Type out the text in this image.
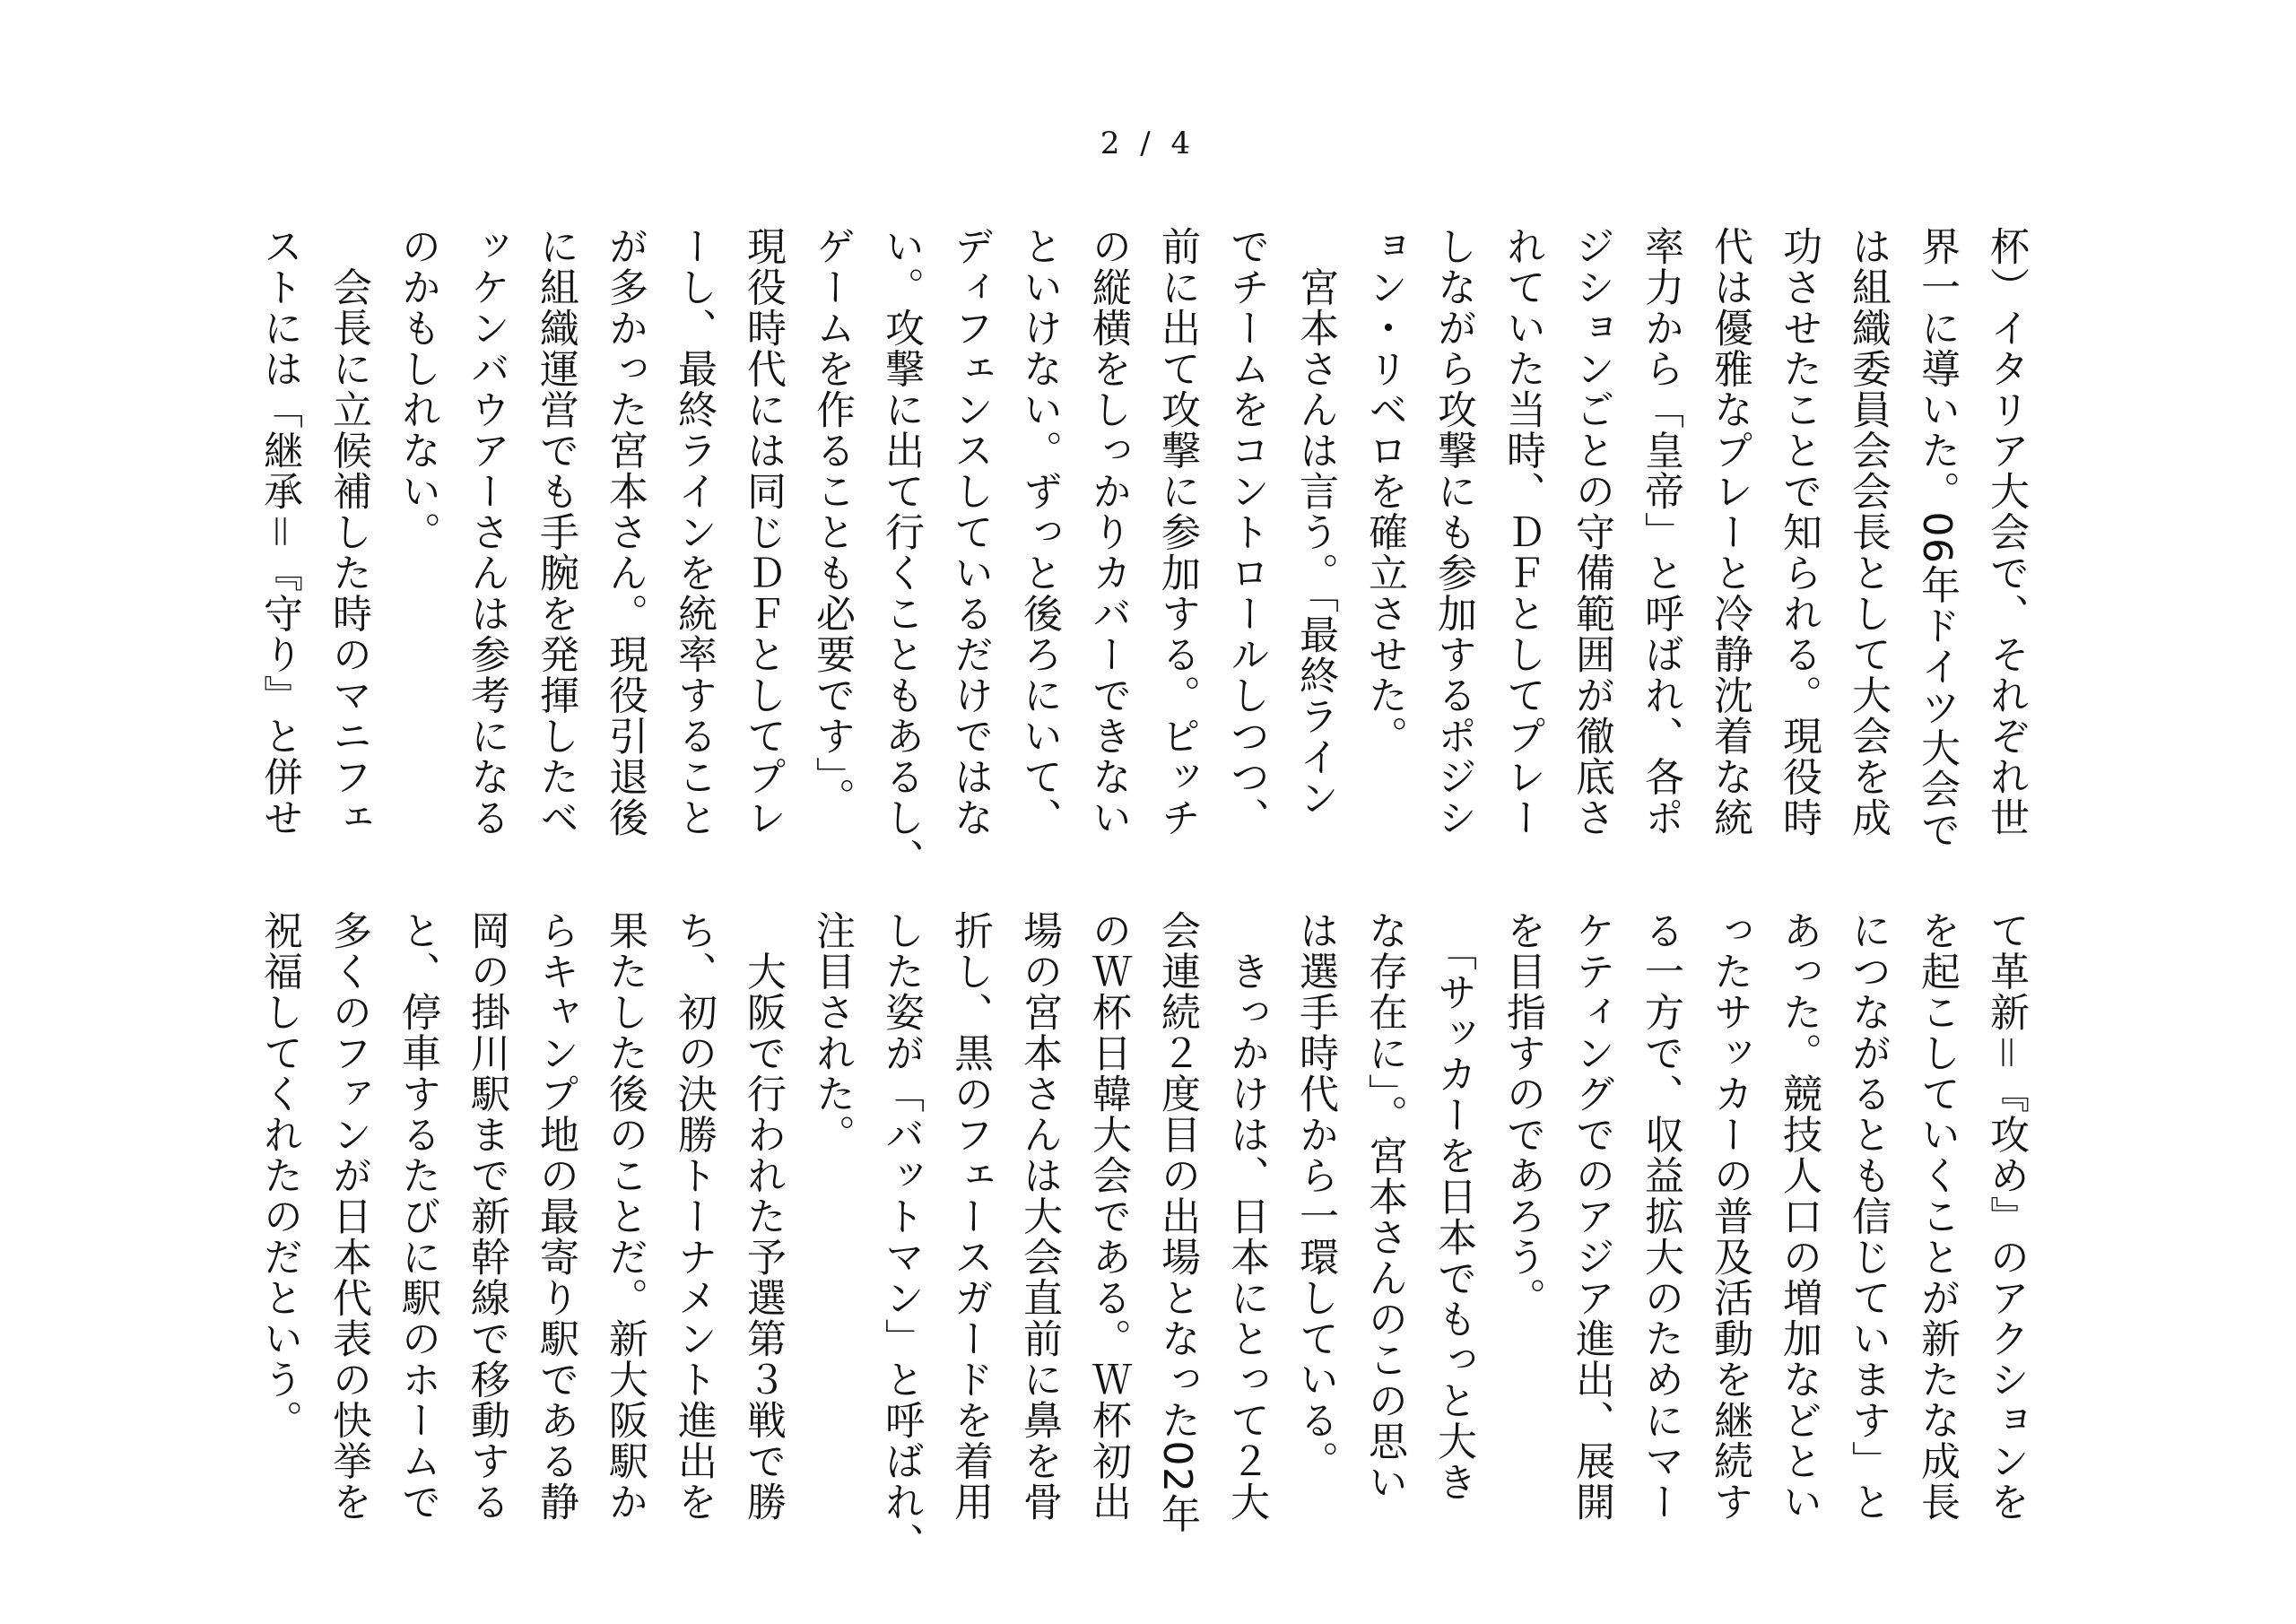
2 / 4
杯）イタリア大会で、それぞれ世
界一に導いた。06年ドイツ大会で
は組織委員会会長として大会を成
功させたことで知られる。現役時
代は優雅なプレーと冷静沈着な統
率力から「皇帝」と呼ばれ、各ポ
ジションごとの守備範囲が徹底さ
れていた当時、ＤＦとしてプレー
しながら攻撃にも参加するポジシ
ョン・リベロを確立させた。
　宮本さんは言う。「最終ライン
でチームをコントロールしつつ、
前に出て攻撃に参加する。ピッチ
の縦横をしっかりカバーできない
といけない。ずっと後ろにいて、
ディフェンスしているだけではな
い。攻撃に出て行くこともあるし、
ゲームを作ることも必要です」。
現役時代には同じＤＦとしてプレ
ーし、最終ラインを統率すること
が多かった宮本さん。現役引退後
に組織運営でも手腕を発揮したベ
ッケンバウアーさんは参考になる
のかもしれない。
　会長に立候補した時のマニフェ
ストには「継承＝『守り』と併せ
て革新＝『攻め』のアクションを
を起こしていくことが新たな成長
につながるとも信じています」と
あった。競技人口の増加などとい
ったサッカーの普及活動を継続す
る一方で、収益拡大のためにマー
ケティングでのアジア進出、展開
を目指すのであろう。
　「サッカーを日本でもっと大き
な存在に」。宮本さんのこの思い
は選手時代から一環している。
　きっかけは、日本にとって２大
会連続２度目の出場となった02年
のＷ杯日韓大会である。Ｗ杯初出
場の宮本さんは大会直前に鼻を骨
折し、黒のフェースガードを着用
した姿が「バットマン」と呼ばれ、
注目された。
　大阪で行われた予選第３戦で勝
ち、初の決勝トーナメント進出を
果たした後のことだ。新大阪駅か
らキャンプ地の最寄り駅である静
岡の掛川駅まで新幹線で移動する
と、停車するたびに駅のホームで
多くのファンが日本代表の快挙を
祝福してくれたのだという。
